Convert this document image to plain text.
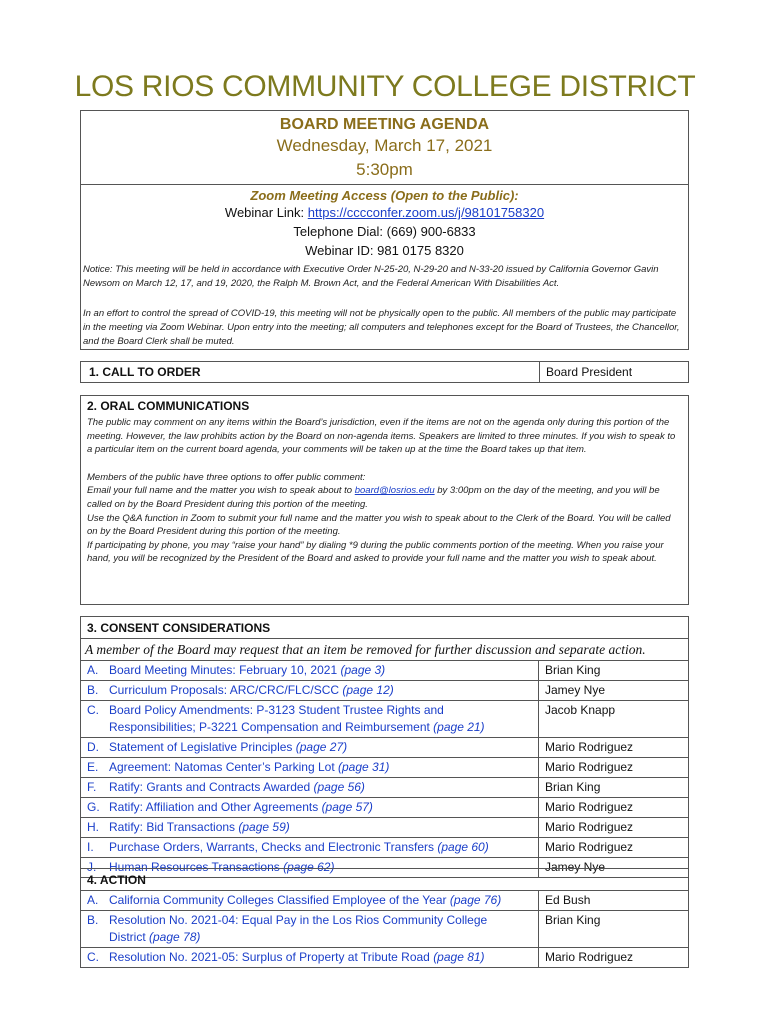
LOS RIOS COMMUNITY COLLEGE DISTRICT
BOARD MEETING AGENDA
Wednesday, March 17, 2021
5:30pm
Zoom Meeting Access (Open to the Public):
Webinar Link: https://cccconfer.zoom.us/j/98101758320
Telephone Dial: (669) 900-6833
Webinar ID: 981 0175 8320
Notice: This meeting will be held in accordance with Executive Order N-25-20, N-29-20 and N-33-20 issued by California Governor Gavin Newsom on March 12, 17, and 19, 2020, the Ralph M. Brown Act, and the Federal American With Disabilities Act.
In an effort to control the spread of COVID-19, this meeting will not be physically open to the public. All members of the public may participate in the meeting via Zoom Webinar. Upon entry into the meeting; all computers and telephones except for the Board of Trustees, the Chancellor, and the Board Clerk shall be muted.
1. CALL TO ORDER	Board President
2. ORAL COMMUNICATIONS

The public may comment on any items within the Board’s jurisdiction, even if the items are not on the agenda only during this portion of the meeting. However, the law prohibits action by the Board on non-agenda items. Speakers are limited to three minutes. If you wish to speak to a particular item on the current board agenda, your comments will be taken up at the time the Board takes up that item.

Members of the public have three options to offer public comment:

Email your full name and the matter you wish to speak about to board@losrios.edu by 3:00pm on the day of the meeting, and you will be called on by the Board President during this portion of the meeting.

Use the Q&A function in Zoom to submit your full name and the matter you wish to speak about to the Clerk of the Board. You will be called on by the Board President during this portion of the meeting.

If participating by phone, you may “raise your hand” by dialing *9 during the public comments portion of the meeting. When you raise your hand, you will be recognized by the President of the Board and asked to provide your full name and the matter you wish to speak about.

3. CONSENT CONSIDERATIONS	
A member of the Board may request that an item be removed for further discussion and separate action.	
A. Board Meeting Minutes: February 10, 2021 (page 3)	Brian King
B. Curriculum Proposals: ARC/CRC/FLC/SCC (page 12)	Jamey Nye

C. Board Policy Amendments: P-3123 Student Trustee Rights and
Responsibilities; P-3221 Compensation and Reimbursement (page 21)	Jacob Knapp
D. Statement of Legislative Principles (page 27)	Mario Rodriguez
E. Agreement: Natomas Center’s Parking Lot (page 31)	Mario Rodriguez
F. Ratify: Grants and Contracts Awarded (page 56)	Brian King
G. Ratify: Affiliation and Other Agreements (page 57)	Mario Rodriguez
H. Ratify: Bid Transactions (page 59)	Mario Rodriguez
I. Purchase Orders, Warrants, Checks and Electronic Transfers (page 60)	Mario Rodriguez
J. Human Resources Transactions (page 62)	Jamey Nye
4. ACTION	
A. California Community Colleges Classified Employee of the Year (page 76)	Ed Bush

B. Resolution No. 2021-04: Equal Pay in the Los Rios Community College
District (page 78)	Brian King
C. Resolution No. 2021-05: Surplus of Property at Tribute Road (page 81)	Mario Rodriguez
